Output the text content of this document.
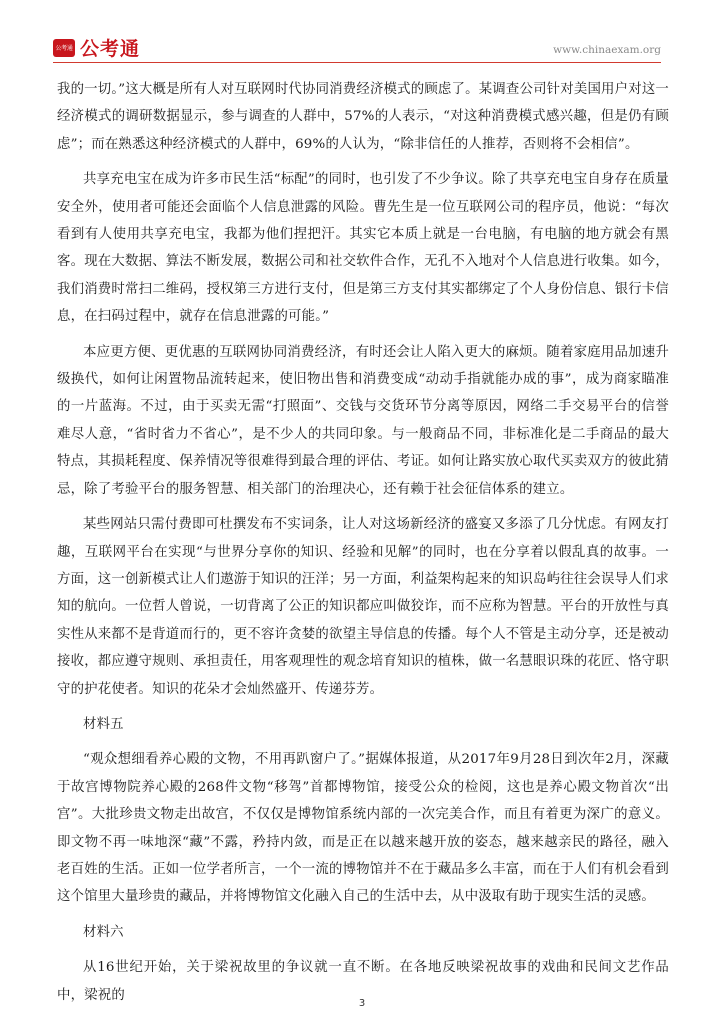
公考通 公考通	www.chinaexam.org

我的一切。”这大概是所有人对互联网时代协同消费经济模式的顾虑了。某调查公司针对美国用户对这一经济模式的调研数据显示，参与调查的人群中，57%的人表示，“对这种消费模式感兴趣，但是仍有顾虑”；而在熟悉这种经济模式的人群中，69%的人认为，“除非信任的人推荐，否则将不会相信”。

共享充电宝在成为许多市民生活“标配”的同时，也引发了不少争议。除了共享充电宝自身存在质量安全外，使用者可能还会面临个人信息泄露的风险。曹先生是一位互联网公司的程序员，他说：“每次看到有人使用共享充电宝，我都为他们捏把汗。其实它本质上就是一台电脑，有电脑的地方就会有黑客。现在大数据、算法不断发展，数据公司和社交软件合作，无孔不入地对个人信息进行收集。如今，我们消费时常扫二维码，授权第三方进行支付，但是第三方支付其实都绑定了个人身份信息、银行卡信息，在扫码过程中，就存在信息泄露的可能。”

本应更方便、更优惠的互联网协同消费经济，有时还会让人陷入更大的麻烦。随着家庭用品加速升级换代，如何让闲置物品流转起来，使旧物出售和消费变成“动动手指就能办成的事”，成为商家瞄准的一片蓝海。不过，由于买卖无需“打照面”、交钱与交货环节分离等原因，网络二手交易平台的信誉难尽人意，“省时省力不省心”，是不少人的共同印象。与一般商品不同，非标准化是二手商品的最大特点，其损耗程度、保养情况等很难得到最合理的评估、考证。如何让路实放心取代买卖双方的彼此猜忌，除了考验平台的服务智慧、相关部门的治理决心，还有赖于社会征信体系的建立。

某些网站只需付费即可杜撰发布不实词条，让人对这场新经济的盛宴又多添了几分忧虑。有网友打趣，互联网平台在实现“与世界分享你的知识、经验和见解”的同时，也在分享着以假乱真的故事。一方面，这一创新模式让人们遨游于知识的汪洋；另一方面，利益架构起来的知识岛屿往往会误导人们求知的航向。一位哲人曾说，一切背离了公正的知识都应叫做狡诈，而不应称为智慧。平台的开放性与真实性从来都不是背道而行的，更不容许贪婪的欲望主导信息的传播。每个人不管是主动分享，还是被动接收，都应遵守规则、承担责任，用客观理性的观念培育知识的植株，做一名慧眼识珠的花匠、恪守职守的护花使者。知识的花朵才会灿然盛开、传递芬芳。

材料五

“观众想细看养心殿的文物，不用再趴窗户了。”据媒体报道，从2017年9月28日到次年2月，深藏于故宫博物院养心殿的268件文物“移驾”首都博物馆，接受公众的检阅，这也是养心殿文物首次“出宫”。大批珍贵文物走出故宫，不仅仅是博物馆系统内部的一次完美合作，而且有着更为深广的意义。即文物不再一味地深“藏”不露，矜持内敛，而是正在以越来越开放的姿态，越来越亲民的路径，融入老百姓的生活。正如一位学者所言，一个一流的博物馆并不在于藏品多么丰富，而在于人们有机会看到这个馆里大量珍贵的藏品，并将博物馆文化融入自己的生活中去，从中汲取有助于现实生活的灵感。

材料六

从16世纪开始，关于梁祝故里的争议就一直不断。在各地反映梁祝故事的戏曲和民间文艺作品中，梁祝的

3
